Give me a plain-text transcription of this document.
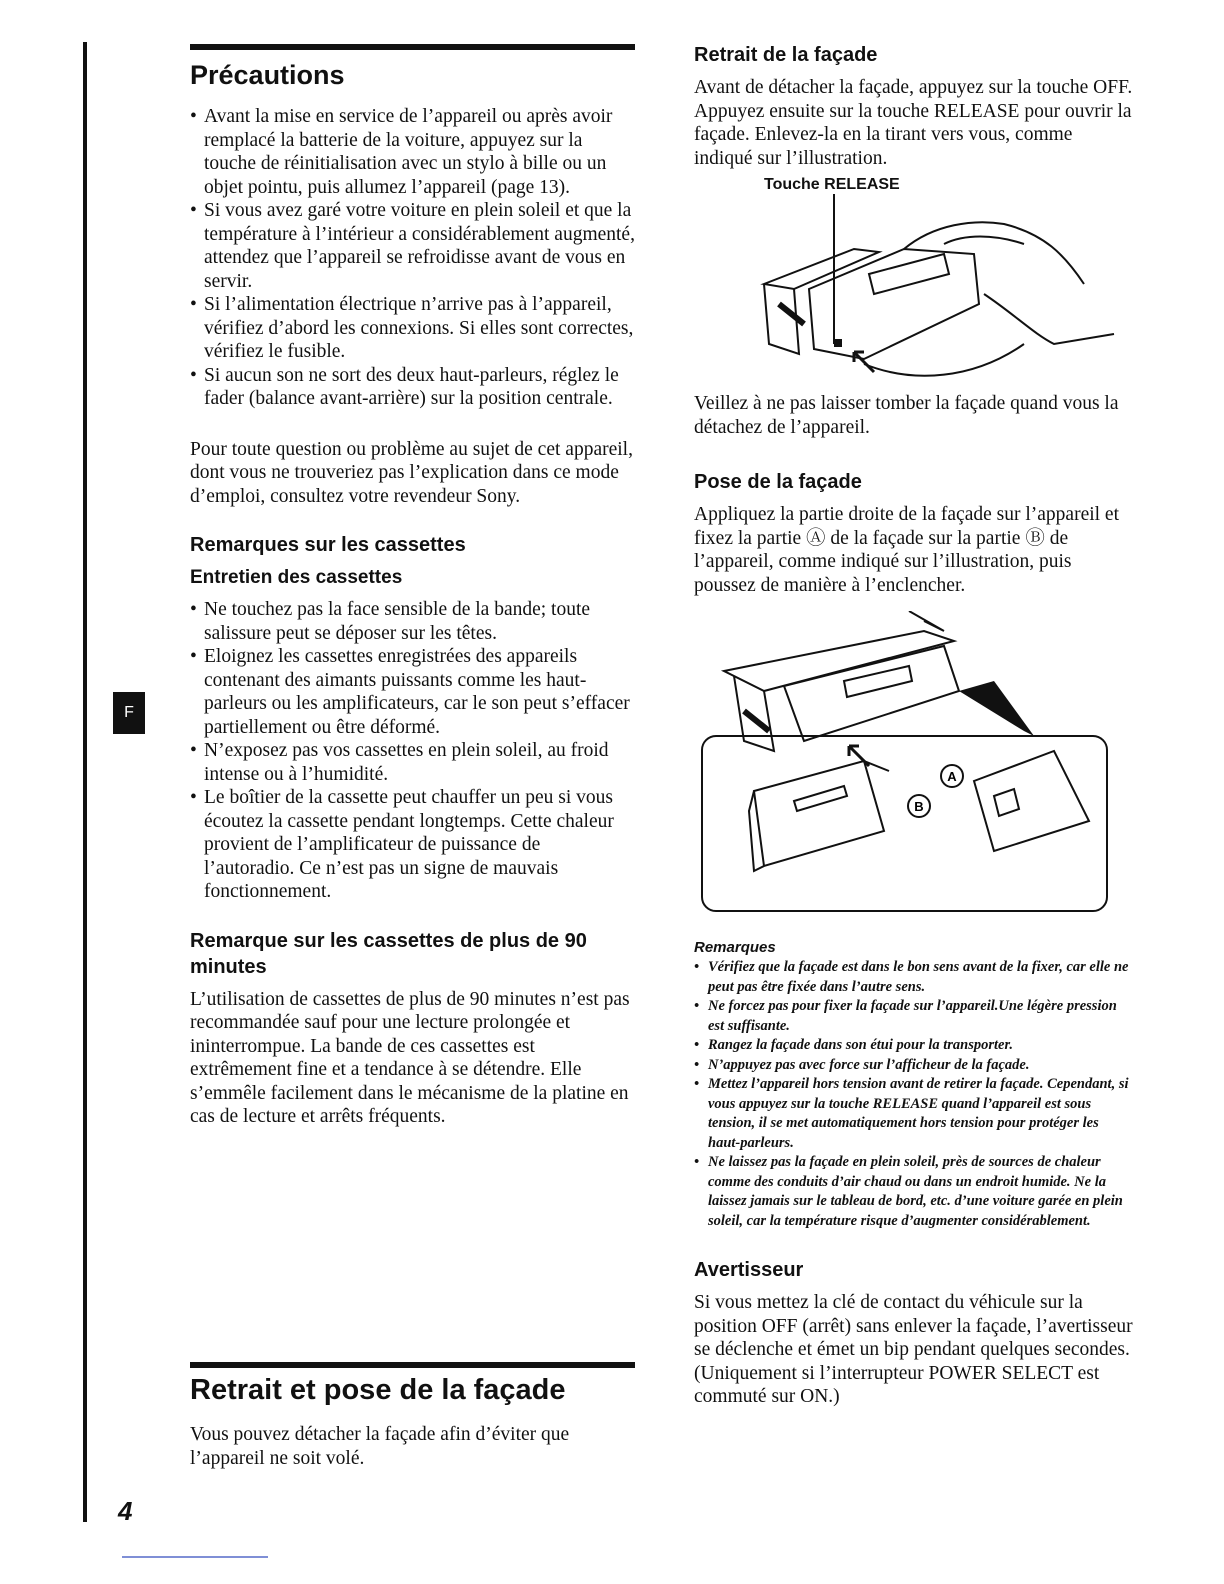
F
4
Précautions
• Avant la mise en service de l’appareil ou après avoir remplacé la batterie de la voiture, appuyez sur la touche de réinitialisation avec un stylo à bille ou un objet pointu, puis allumez l’appareil (page 13).
• Si vous avez garé votre voiture en plein soleil et que la température à l’intérieur a considérablement augmenté, attendez que l’appareil se refroidisse avant de vous en servir.
• Si l’alimentation électrique n’arrive pas à l’appareil, vérifiez d’abord les connexions. Si elles sont correctes, vérifiez le fusible.
• Si aucun son ne sort des deux haut-parleurs, réglez le fader (balance avant-arrière) sur la position centrale.

Pour toute question ou problème au sujet de cet appareil, dont vous ne trouveriez pas l’explication dans ce mode d’emploi, consultez votre revendeur Sony.

Remarques sur les cassettes
Entretien des cassettes
• Ne touchez pas la face sensible de la bande; toute salissure peut se déposer sur les têtes.
• Eloignez les cassettes enregistrées des appareils contenant des aimants puissants comme les haut-parleurs ou les amplificateurs, car le son peut s’effacer partiellement ou être déformé.
• N’exposez pas vos cassettes en plein soleil, au froid intense ou à l’humidité.
• Le boîtier de la cassette peut chauffer un peu si vous écoutez la cassette pendant longtemps. Cette chaleur provient de l’amplificateur de puissance de l’autoradio. Ce n’est pas un signe de mauvais fonctionnement.
Remarque sur les cassettes de plus de 90 minutes

L’utilisation de cassettes de plus de 90 minutes n’est pas recommandée sauf pour une lecture prolongée et ininterrompue. La bande de ces cassettes est extrêmement fine et a tendance à se détendre. Elle s’emmêle facilement dans le mécanisme de la platine en cas de lecture et arrêts fréquents.

Retrait et pose de la façade

Vous pouvez détacher la façade afin d’éviter que l’appareil ne soit volé.

Retrait de la façade

Avant de détacher la façade, appuyez sur la touche OFF. Appuyez ensuite sur la touche RELEASE pour ouvrir la façade. Enlevez-la en la tirant vers vous, comme indiqué sur l’illustration.

Touche RELEASE

Veillez à ne pas laisser tomber la façade quand vous la détachez de l’appareil.

Pose de la façade

Appliquez la partie droite de la façade sur l’appareil et fixez la partie Ⓐ de la façade sur la partie Ⓑ de l’appareil, comme indiqué sur l’illustration, puis poussez de manière à l’enclencher.

A
B
Remarques
• Vérifiez que la façade est dans le bon sens avant de la fixer, car elle ne peut pas être fixée dans l’autre sens.
• Ne forcez pas pour fixer la façade sur l’appareil.Une légère pression est suffisante.
• Rangez la façade dans son étui pour la transporter.
• N’appuyez pas avec force sur l’afficheur de la façade.
• Mettez l’appareil hors tension avant de retirer la façade. Cependant, si vous appuyez sur la touche RELEASE quand l’appareil est sous tension, il se met automatiquement hors tension pour protéger les haut-parleurs.
• Ne laissez pas la façade en plein soleil, près de sources de chaleur comme des conduits d’air chaud ou dans un endroit humide. Ne la laissez jamais sur le tableau de bord, etc. d’une voiture garée en plein soleil, car la température risque d’augmenter considérablement.
Avertisseur

Si vous mettez la clé de contact du véhicule sur la position OFF (arrêt) sans enlever la façade, l’avertisseur se déclenche et émet un bip pendant quelques secondes. (Uniquement si l’interrupteur POWER SELECT est commuté sur ON.)
